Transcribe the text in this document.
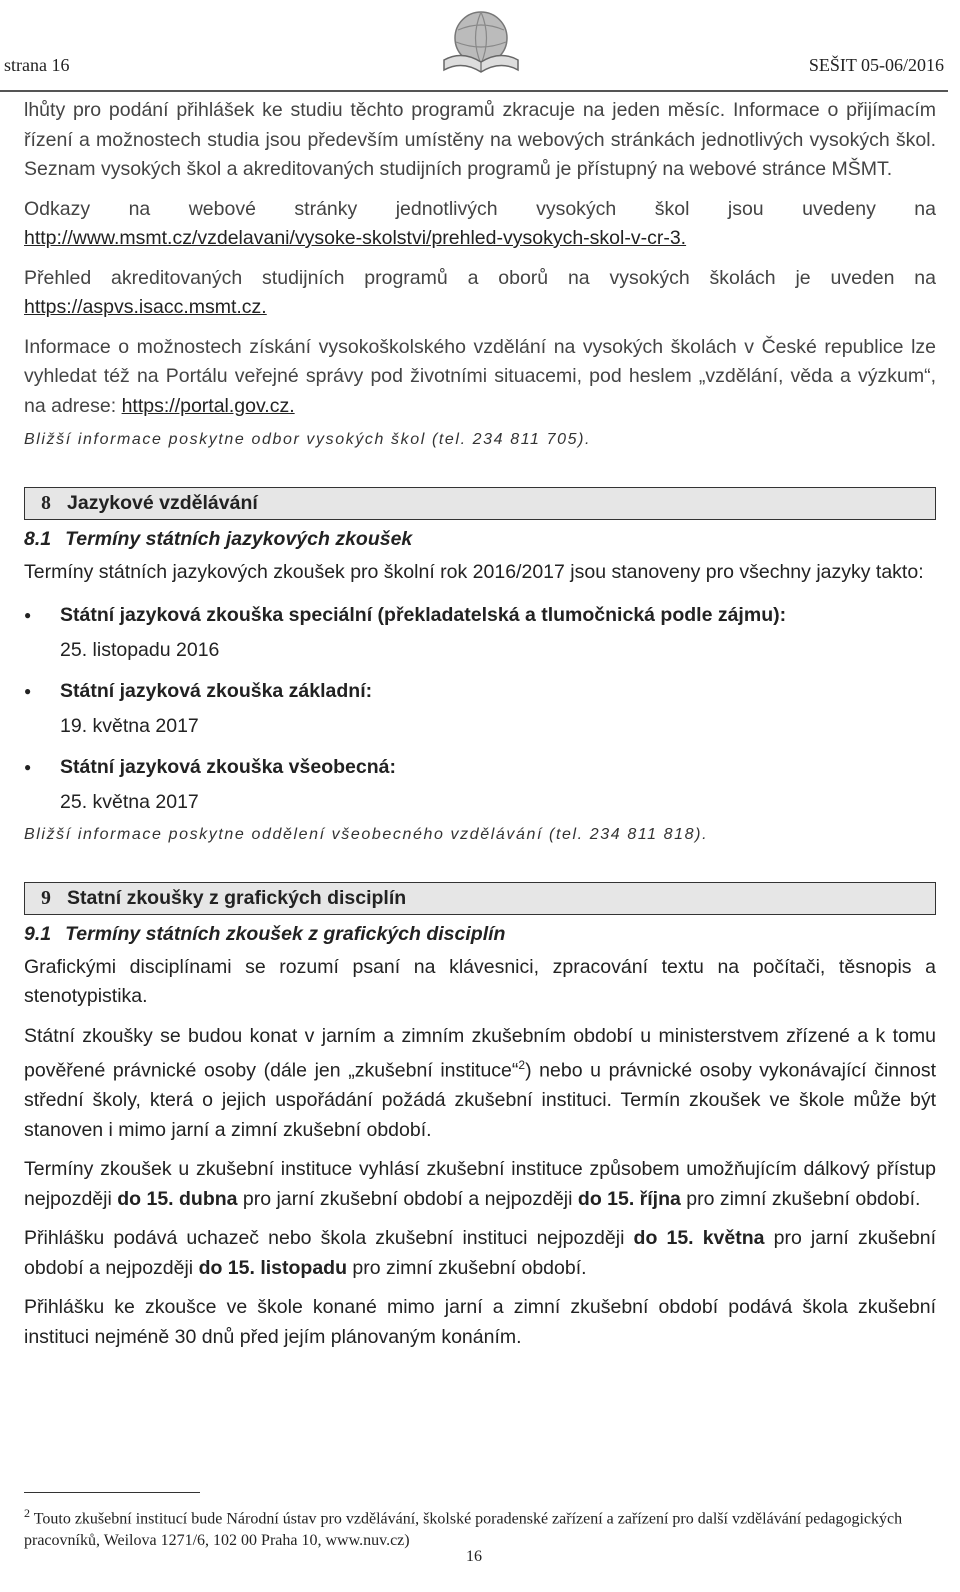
strana 16	SEŠIT 05-06/2016

lhůty pro podání přihlášek ke studiu těchto programů zkracuje na jeden měsíc. Informace o přijímacím řízení a možnostech studia jsou především umístěny na webových stránkách jednotlivých vysokých škol. Seznam vysokých škol a akreditovaných studijních programů je přístupný na webové stránce MŠMT.

Odkazy na webové stránky jednotlivých vysokých škol jsou uvedeny na http://www.msmt.cz/vzdelavani/vysoke-skolstvi/prehled-vysokych-skol-v-cr-3.

Přehled akreditovaných studijních programů a oborů na vysokých školách je uveden na https://aspvs.isacc.msmt.cz.

Informace o možnostech získání vysokoškolského vzdělání na vysokých školách v České republice lze vyhledat též na Portálu veřejné správy pod životními situacemi, pod heslem „vzdělání, věda a výzkum“, na adrese: https://portal.gov.cz.

Bližší informace poskytne odbor vysokých škol (tel. 234 811 705).

8 Jazykové vzdělávání
8.1 Termíny státních jazykových zkoušek

Termíny státních jazykových zkoušek pro školní rok 2016/2017 jsou stanoveny pro všechny jazyky takto:

● Státní jazyková zkouška speciální (překladatelská a tlumočnická podle zájmu):
25. listopadu 2016
● Státní jazyková zkouška základní:
19. května 2017
● Státní jazyková zkouška všeobecná:
25. května 2017

Bližší informace poskytne oddělení všeobecného vzdělávání (tel. 234 811 818).

9 Statní zkoušky z grafických disciplín
9.1 Termíny státních zkoušek z grafických disciplín

Grafickými disciplínami se rozumí psaní na klávesnici, zpracování textu na počítači, těsnopis a stenotypistika.

Státní zkoušky se budou konat v jarním a zimním zkušebním období u ministerstvem zřízené a k tomu pověřené právnické osoby (dále jen „zkušební instituce“$^2$) nebo u právnické osoby vykonávající činnost střední školy, která o jejich uspořádání požádá zkušební instituci. Termín zkoušek ve škole může být stanoven i mimo jarní a zimní zkušební období.

Termíny zkoušek u zkušební instituce vyhlásí zkušební instituce způsobem umožňujícím dálkový přístup nejpozději do 15. dubna pro jarní zkušební období a nejpozději do 15. října pro zimní zkušební období.

Přihlášku podává uchazeč nebo škola zkušební instituci nejpozději do 15. května pro jarní zkušební období a nejpozději do 15. listopadu pro zimní zkušební období.

Přihlášku ke zkoušce ve škole konané mimo jarní a zimní zkušební období podává škola zkušební instituci nejméně 30 dnů před jejím plánovaným konáním.

$^2$ Touto zkušební institucí bude Národní ústav pro vzdělávání, školské poradenské zařízení a zařízení pro další vzdělávání pedagogických pracovníků, Weilova 1271/6, 102 00 Praha 10, www.nuv.cz)
16
